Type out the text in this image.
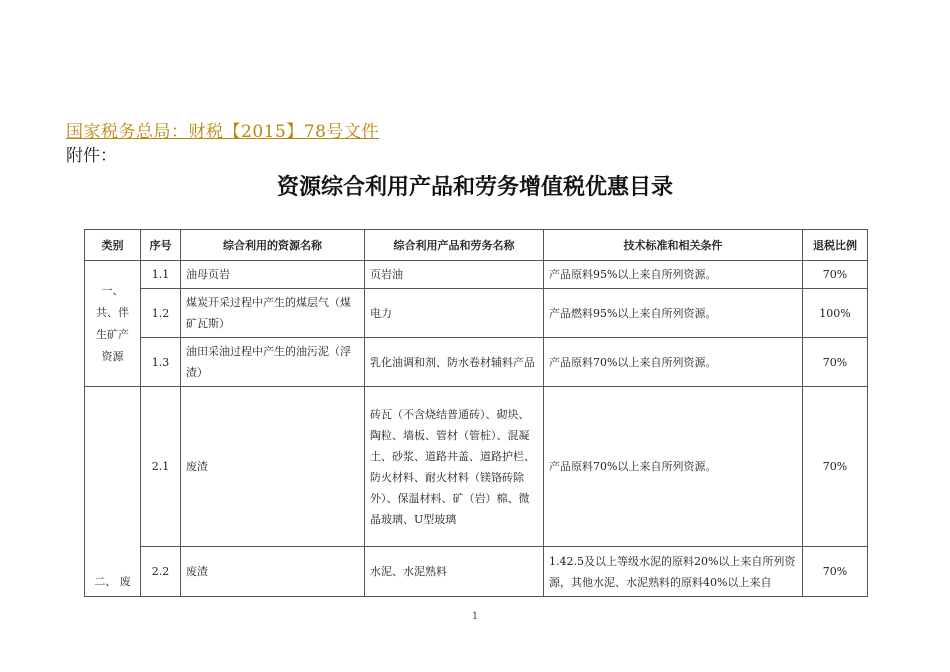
国家税务总局：财税【2015】78号文件
附件：
资源综合利用产品和劳务增值税优惠目录
类别	序号	综合利用的资源名称	综合利用产品和劳务名称	技术标准和相关条件	退税比例

一、
共、伴
生矿产
资源	1.1	油母页岩	页岩油	产品原料95%以上来自所列资源。	70%
	1.2	煤炭开采过程中产生的煤层气（煤矿瓦斯）	电力	产品燃料95%以上来自所列资源。	100%
	1.3	油田采油过程中产生的油污泥（浮渣）	乳化油调和剂、防水卷材辅料产品	产品原料70%以上来自所列资源。	70%

二、 废	2.1	废渣	砖瓦（不含烧结普通砖）、砌块、陶粒、墙板、管材（管桩）、混凝土、砂浆、道路井盖、道路护栏、防火材料、耐火材料（镁铬砖除外）、保温材料、矿（岩）棉、微晶玻璃、U型玻璃	产品原料70%以上来自所列资源。	70%
	2.2	废渣	水泥、水泥熟料	1.42.5及以上等级水泥的原料20%以上来自所列资源，其他水泥、水泥熟料的原料40%以上来自	70%
1
